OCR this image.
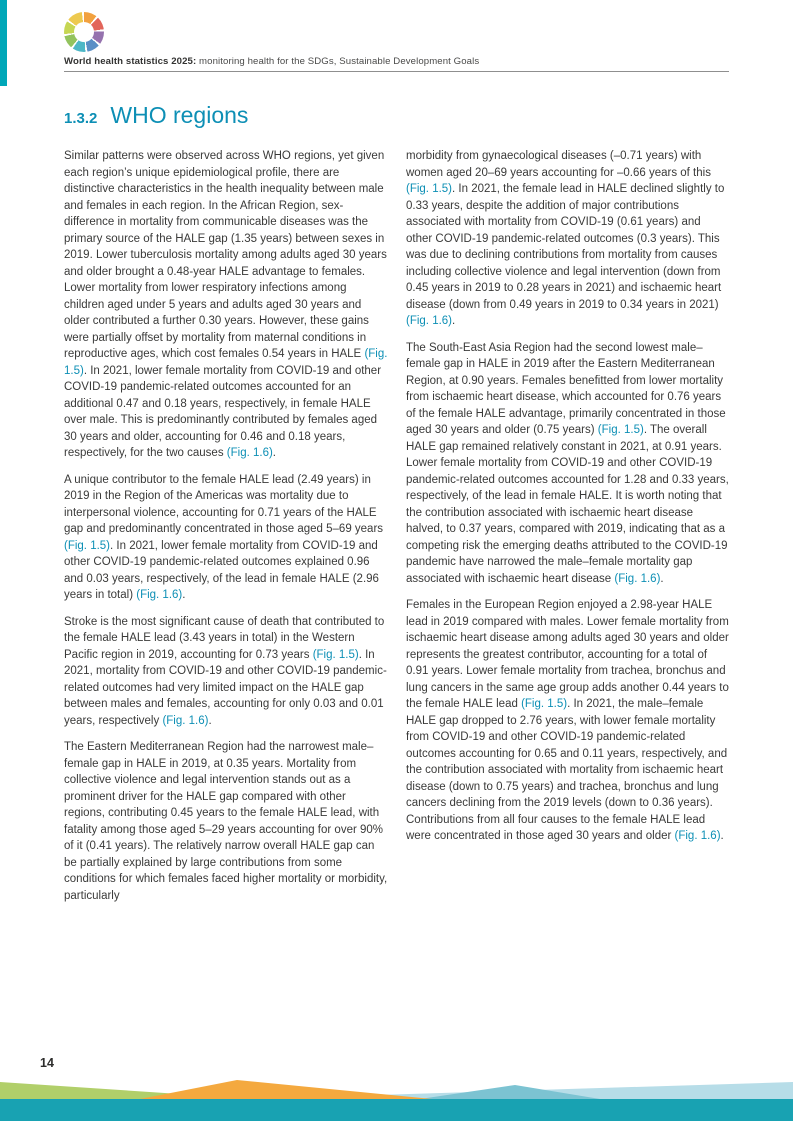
World health statistics 2025: monitoring health for the SDGs, Sustainable Development Goals
1.3.2 WHO regions

Similar patterns were observed across WHO regions, yet given each region’s unique epidemiological profile, there are distinctive characteristics in the health inequality between male and females in each region. In the African Region, sex-difference in mortality from communicable diseases was the primary source of the HALE gap (1.35 years) between sexes in 2019. Lower tuberculosis mortality among adults aged 30 years and older brought a 0.48-year HALE advantage to females. Lower mortality from lower respiratory infections among children aged under 5 years and adults aged 30 years and older contributed a further 0.30 years. However, these gains were partially offset by mortality from maternal conditions in reproductive ages, which cost females 0.54 years in HALE (Fig. 1.5). In 2021, lower female mortality from COVID-19 and other COVID-19 pandemic-related outcomes accounted for an additional 0.47 and 0.18 years, respectively, in female HALE over male. This is predominantly contributed by females aged 30 years and older, accounting for 0.46 and 0.18 years, respectively, for the two causes (Fig. 1.6).

A unique contributor to the female HALE lead (2.49 years) in 2019 in the Region of the Americas was mortality due to interpersonal violence, accounting for 0.71 years of the HALE gap and predominantly concentrated in those aged 5–69 years (Fig. 1.5). In 2021, lower female mortality from COVID-19 and other COVID-19 pandemic-related outcomes explained 0.96 and 0.03 years, respectively, of the lead in female HALE (2.96 years in total) (Fig. 1.6).

Stroke is the most significant cause of death that contributed to the female HALE lead (3.43 years in total) in the Western Pacific region in 2019, accounting for 0.73 years (Fig. 1.5). In 2021, mortality from COVID-19 and other COVID-19 pandemic-related outcomes had very limited impact on the HALE gap between males and females, accounting for only 0.03 and 0.01 years, respectively (Fig. 1.6).

The Eastern Mediterranean Region had the narrowest male–female gap in HALE in 2019, at 0.35 years. Mortality from collective violence and legal intervention stands out as a prominent driver for the HALE gap compared with other regions, contributing 0.45 years to the female HALE lead, with fatality among those aged 5–29 years accounting for over 90% of it (0.41 years). The relatively narrow overall HALE gap can be partially explained by large contributions from some conditions for which females faced higher mortality or morbidity, particularly

morbidity from gynaecological diseases (–0.71 years) with women aged 20–69 years accounting for –0.66 years of this (Fig. 1.5). In 2021, the female lead in HALE declined slightly to 0.33 years, despite the addition of major contributions associated with mortality from COVID-19 (0.61 years) and other COVID-19 pandemic-related outcomes (0.3 years). This was due to declining contributions from mortality from causes including collective violence and legal intervention (down from 0.45 years in 2019 to 0.28 years in 2021) and ischaemic heart disease (down from 0.49 years in 2019 to 0.34 years in 2021) (Fig. 1.6).

The South-East Asia Region had the second lowest male–female gap in HALE in 2019 after the Eastern Mediterranean Region, at 0.90 years. Females benefitted from lower mortality from ischaemic heart disease, which accounted for 0.76 years of the female HALE advantage, primarily concentrated in those aged 30 years and older (0.75 years) (Fig. 1.5). The overall HALE gap remained relatively constant in 2021, at 0.91 years. Lower female mortality from COVID-19 and other COVID-19 pandemic-related outcomes accounted for 1.28 and 0.33 years, respectively, of the lead in female HALE. It is worth noting that the contribution associated with ischaemic heart disease halved, to 0.37 years, compared with 2019, indicating that as a competing risk the emerging deaths attributed to the COVID-19 pandemic have narrowed the male–female mortality gap associated with ischaemic heart disease (Fig. 1.6).

Females in the European Region enjoyed a 2.98-year HALE lead in 2019 compared with males. Lower female mortality from ischaemic heart disease among adults aged 30 years and older represents the greatest contributor, accounting for a total of 0.91 years. Lower female mortality from trachea, bronchus and lung cancers in the same age group adds another 0.44 years to the female HALE lead (Fig. 1.5). In 2021, the male–female HALE gap dropped to 2.76 years, with lower female mortality from COVID-19 and other COVID-19 pandemic-related outcomes accounting for 0.65 and 0.11 years, respectively, and the contribution associated with mortality from ischaemic heart disease (down to 0.75 years) and trachea, bronchus and lung cancers declining from the 2019 levels (down to 0.36 years). Contributions from all four causes to the female HALE lead were concentrated in those aged 30 years and older (Fig. 1.6).

14
